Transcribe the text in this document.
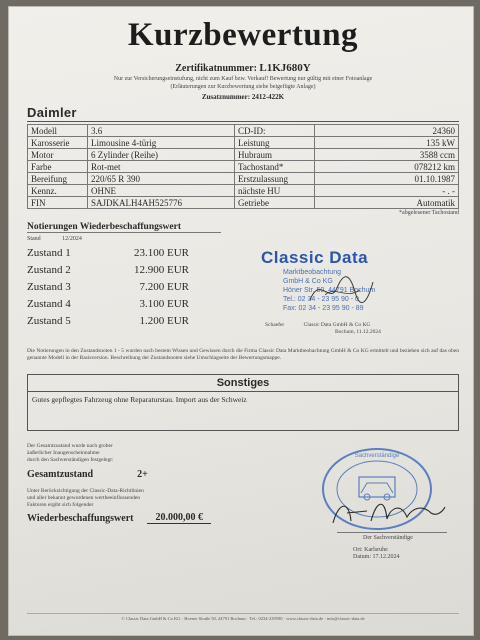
Kurzbewertung
Zertifikatnummer: L1KJ680Y
Nur zur Versicherungseinstufung, nicht zum Kauf bzw. Verkauf! Bewertung nur gültig mit einer Fotoanlage
(Erläuterungen zur Kurzbewertung siehe beigefügte Anlage)
Zusatznummer: 2412-422K
Daimler
Modell	3.6	CD-ID:	24360
Karosserie	Limousine 4-türig	Leistung	135 kW
Motor	6 Zylinder (Reihe)	Hubraum	3588 ccm
Farbe	Rot-met	Tachostand*	078212 km
Bereifung	220/65 R 390	Erstzulassung	01.10.1987
Kennz.	OHNE	nächste HU	- . -
FIN	SAJDKALH4AH525776	Getriebe	Automatik
*abgelesener Tachostand
Notierungen Wiederbeschaffungswert
Stand	12/2024
Zustand 1	23.100 EUR
Zustand 2	12.900 EUR
Zustand 3	7.200 EUR
Zustand 4	3.100 EUR
Zustand 5	1.200 EUR
Classic Data
Marktbeobachtung
GmbH & Co KG
Höner Str. 50, 44791 Bochum
Tel.: 02 34 - 23 95 90 - 0
Fax: 02 34 - 23 95 90 - 89
Schaefer	Classic Data GmbH & Co KG
Bochum, 11.12.2024
Die Notierungen in den Zustandsnoten 1 - 5 wurden nach bestem Wissen und Gewissen durch die Firma Classic Data Marktbeobachtung GmbH & Co KG ermittelt und beziehen sich auf das oben genannte Modell in der Basisversion. Beschreibung der Zustandsnoten siehe Umschlagseite der Bewertungsmappe.
Sonstiges
Gutes gepflegtes Fahrzeug ohne Reparaturstau. Import aus der Schweiz
Der Gesamtzustand wurde nach grober
äußerlicher Inaugenscheinnahme
durch den Sachverständigen festgelegt:
Gesamtzustand	2+
Unter Berücksichtigung der Classic-Data-Richtlinien
und aller bekannt gewordenen wertbeeinflussenden
Faktoren ergibt sich folgender
Wiederbeschaffungswert	20.000,00 €
Sachverständige
Der Sachverständige
Ort: Karlsruhe
Datum: 17.12.2024
© Classic Data GmbH & Co KG · Hoener Straße 50, 44791 Bochum · Tel.: 0234-239590 · www.classic-data.de · info@classic-data.de
